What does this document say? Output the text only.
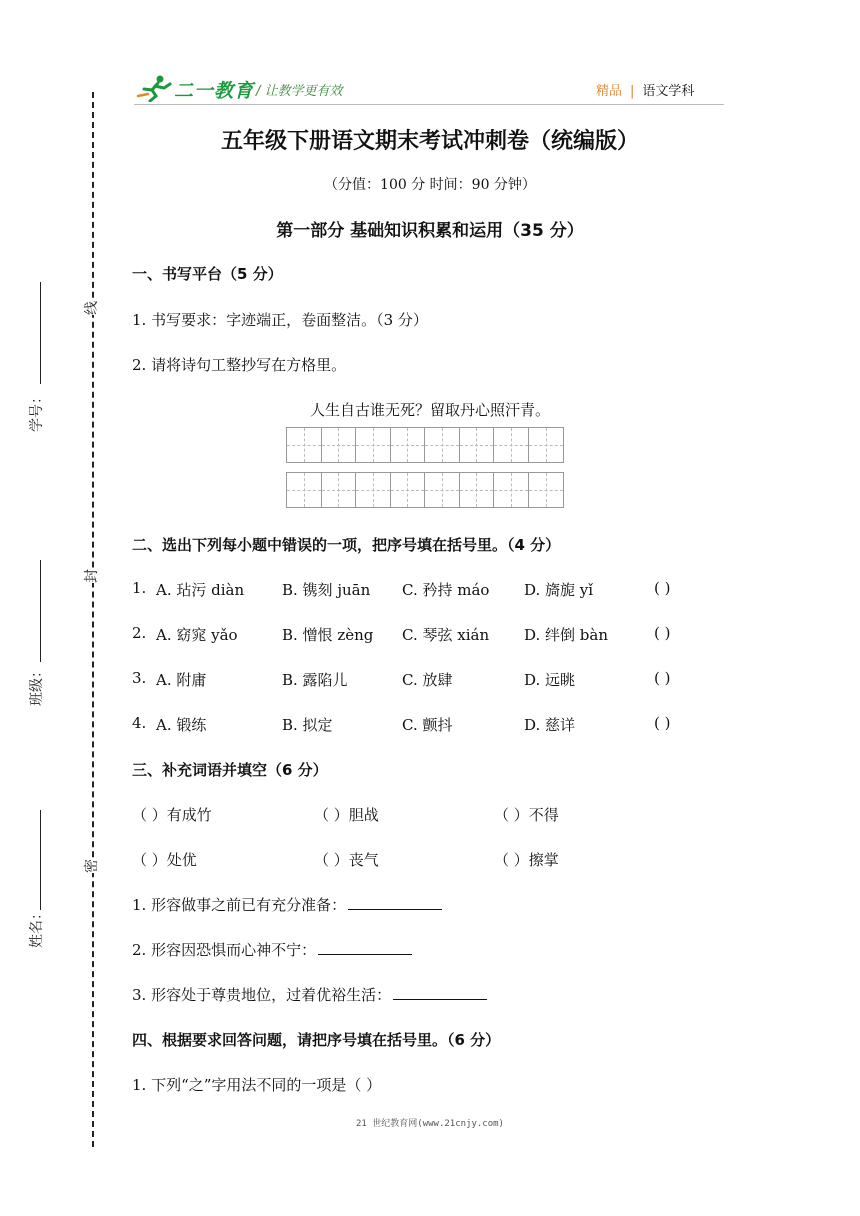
二一教育 / 让教学更有效	精品 | 语文学科
线
封
密
学号：
班级：
姓名：
五年级下册语文期末考试冲刺卷（统编版）
（分值：100 分 时间：90 分钟）
第一部分 基础知识积累和运用（35 分）
一、书写平台（5 分）
1. 书写要求：字迹端正，卷面整洁。（3 分）
2. 请将诗句工整抄写在方格里。
人生自古谁无死？留取丹心照汗青。
二、选出下列每小题中错误的一项，把序号填在括号里。（4 分）
1. A. 玷污 diàn	B. 镌刻 juān C. 矜持 máo D. 旖旎 yǐ	( )
2. A. 窈窕 yǎo	B. 憎恨 zèng C. 琴弦 xián D. 绊倒 bàn	( )
3. A. 附庸	B. 露陷儿	C. 放肆	D. 远眺	( )
4. A. 锻练	B. 拟定	C. 颤抖	D. 慈详	( )
三、补充词语并填空（6 分）
（ ）有成竹	（ ）胆战	（ ）不得
（ ）处优	（ ）丧气	（ ）擦掌
1. 形容做事之前已有充分准备：
2. 形容因恐惧而心神不宁：
3. 形容处于尊贵地位，过着优裕生活：
四、根据要求回答问题，请把序号填在括号里。（6 分）
1. 下列“之”字用法不同的一项是（ ）
21 世纪教育网(www.21cnjy.com)
